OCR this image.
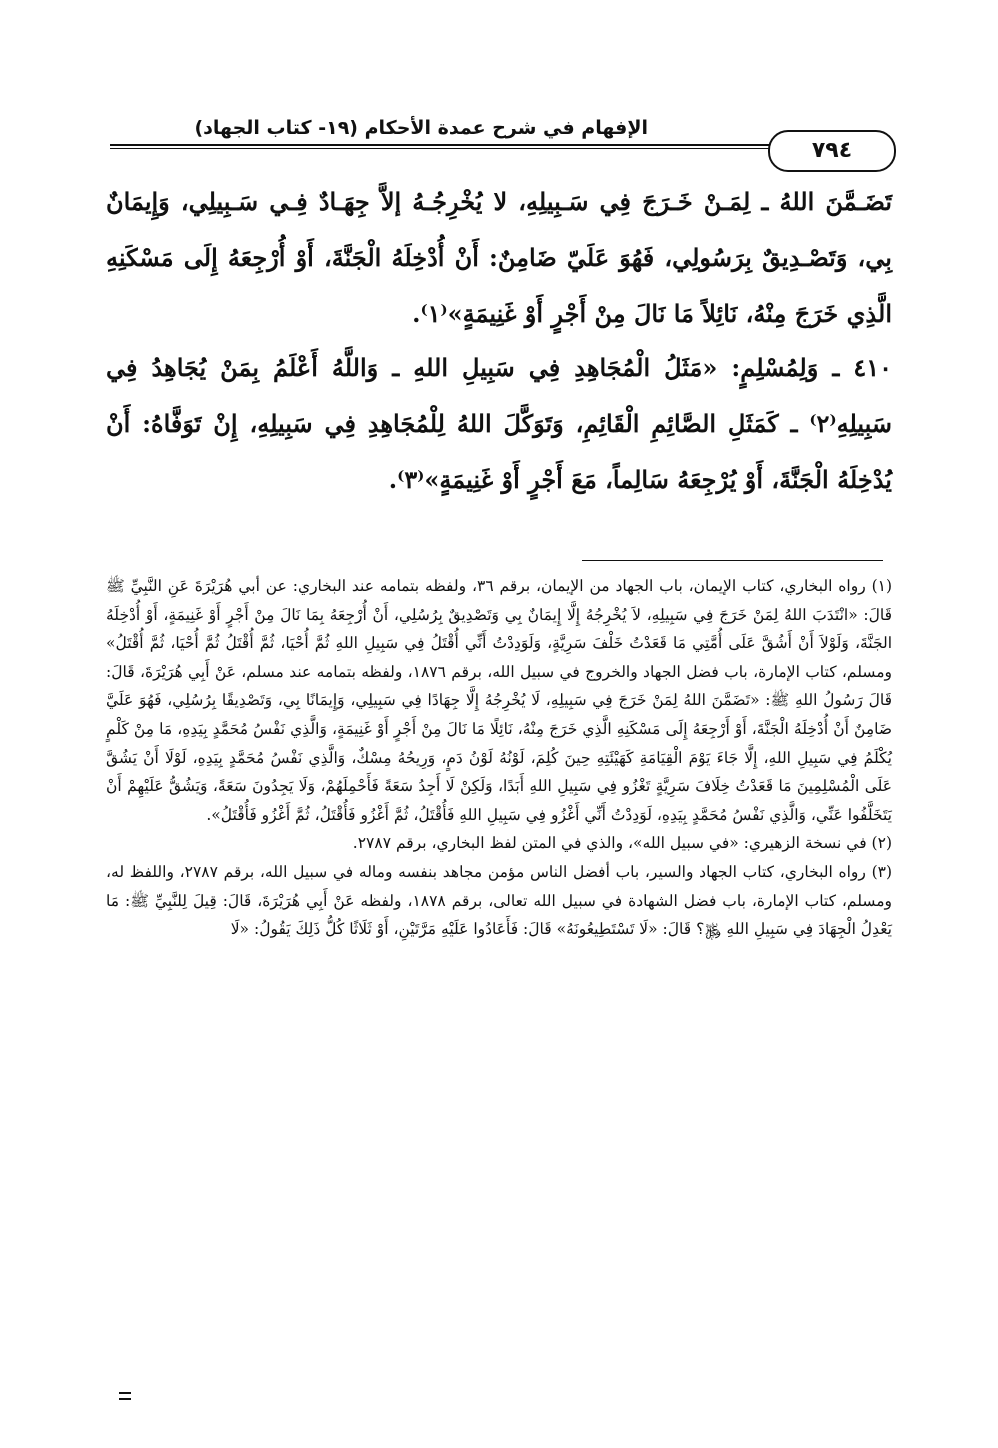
الإفهام في شرح عمدة الأحكام (١٩- كتاب الجهاد)
٧٩٤

تَضَـمَّنَ اللهُ ـ لِمَـنْ خَـرَجَ فِي سَـبِيلِهِ، لا يُخْرِجُـهُ إلاَّ جِهَـادٌ فِـي سَـبِيلِي، وَإِيمَانٌ بِي، وَتَصْـدِيقٌ بِرَسُولِي، فَهُوَ عَلَيّ ضَامِنٌ: أَنْ أُدْخِلَهُ الْجَنَّةَ، أَوْ أُرْجِعَهُ إِلَى مَسْكَنِهِ الَّذِي خَرَجَ مِنْهُ، نَائِلاً مَا نَالَ مِنْ أَجْرٍ أَوْ غَنِيمَةٍ»⁽١⁾.

٤١٠ ـ وَلِمُسْلِمٍ: «مَثَلُ الْمُجَاهِدِ فِي سَبِيلِ اللهِ ـ وَاللَّهُ أَعْلَمُ بِمَنْ يُجَاهِدُ فِي سَبِيلِهِ⁽٢⁾ ـ كَمَثَلِ الصَّائِمِ الْقَائِمِ، وَتَوَكَّلَ اللهُ لِلْمُجَاهِدِ فِي سَبِيلِهِ، إِنْ تَوَفَّاهُ: أَنْ يُدْخِلَهُ الْجَنَّةَ، أَوْ يُرْجِعَهُ سَالِماً، مَعَ أَجْرٍ أَوْ غَنِيمَةٍ»⁽٣⁾.

(١) رواه البخاري، كتاب الإيمان، باب الجهاد من الإيمان، برقم ٣٦، ولفظه بتمامه عند البخاري: عن أبي هُرَيْرَةَ عَنِ النَّبِيِّ ﷺ قَالَ: «انْتَدَبَ اللهُ لِمَنْ خَرَجَ فِي سَبِيلِهِ، لاَ يُخْرِجُهُ إِلَّا إِيمَانٌ بِي وَتَصْدِيقٌ بِرُسُلِي، أَنْ أُرْجِعَهُ بِمَا نَالَ مِنْ أَجْرٍ أَوْ غَنِيمَةٍ، أَوْ أُدْخِلَهُ الجَنَّةَ، وَلَوْلاَ أَنْ أَشُقَّ عَلَى أُمَّتِي مَا قَعَدْتُ خَلْفَ سَرِيَّةٍ، وَلَوَدِدْتُ أَنِّي أُقْتَلُ فِي سَبِيلِ اللهِ ثُمَّ أُحْيَا، ثُمَّ أُقْتَلُ ثُمَّ أُحْيَا، ثُمَّ أُقْتَلُ» ومسلم، كتاب الإمارة، باب فضل الجهاد والخروج في سبيل الله، برقم ١٨٧٦، ولفظه بتمامه عند مسلم، عَنْ أَبِي هُرَيْرَةَ، قَالَ: قَالَ رَسُولُ اللهِ ﷺ: «تَضَمَّنَ اللهُ لِمَنْ خَرَجَ فِي سَبِيلِهِ، لَا يُخْرِجُهُ إِلَّا جِهَادًا فِي سَبِيلِي، وَإِيمَانًا بِي، وَتَصْدِيقًا بِرُسُلِي، فَهُوَ عَلَيَّ ضَامِنٌ أَنْ أُدْخِلَهُ الْجَنَّةَ، أَوْ أَرْجِعَهُ إِلَى مَسْكَنِهِ الَّذِي خَرَجَ مِنْهُ، نَائِلًا مَا نَالَ مِنْ أَجْرٍ أَوْ غَنِيمَةٍ، وَالَّذِي نَفْسُ مُحَمَّدٍ بِيَدِهِ، مَا مِنْ كَلْمٍ يُكْلَمُ فِي سَبِيلِ اللهِ، إِلَّا جَاءَ يَوْمَ الْقِيَامَةِ كَهَيْئَتِهِ حِينَ كُلِمَ، لَوْنُهُ لَوْنُ دَمٍ، وَرِيحُهُ مِسْكٌ، وَالَّذِي نَفْسُ مُحَمَّدٍ بِيَدِهِ، لَوْلَا أَنْ يَشُقَّ عَلَى الْمُسْلِمِينَ مَا قَعَدْتُ خِلَافَ سَرِيَّةٍ تَغْزُو فِي سَبِيلِ اللهِ أَبَدًا، وَلَكِنْ لَا أَجِدُ سَعَةً فَأَحْمِلَهُمْ، وَلَا يَجِدُونَ سَعَةً، وَيَشُقُّ عَلَيْهِمْ أَنْ يَتَخَلَّفُوا عَنِّي، وَالَّذِي نَفْسُ مُحَمَّدٍ بِيَدِهِ، لَوَدِدْتُ أَنِّي أَغْزُو فِي سَبِيلِ اللهِ فَأُقْتَلُ، ثُمَّ أَغْزُو فَأُقْتَلُ، ثُمَّ أَغْزُو فَأُقْتَلُ».

(٢) في نسخة الزهيري: «في سبيل الله»، والذي في المتن لفظ البخاري، برقم ٢٧٨٧.

(٣) رواه البخاري، كتاب الجهاد والسير، باب أفضل الناس مؤمن مجاهد بنفسه وماله في سبيل الله، برقم ٢٧٨٧، واللفظ له، ومسلم، كتاب الإمارة، باب فضل الشهادة في سبيل الله تعالى، برقم ١٨٧٨، ولفظه عَنْ أَبِي هُرَيْرَةَ، قَالَ: قِيلَ لِلنَّبِيِّ ﷺ: مَا يَعْدِلُ الْجِهَادَ فِي سَبِيلِ اللهِ ﷿؟ قَالَ: «لَا تَسْتَطِيعُونَهُ» قَالَ: فَأَعَادُوا عَلَيْهِ مَرَّتَيْنِ، أَوْ ثَلَاثًا كُلُّ ذَلِكَ يَقُولُ: «لَا
